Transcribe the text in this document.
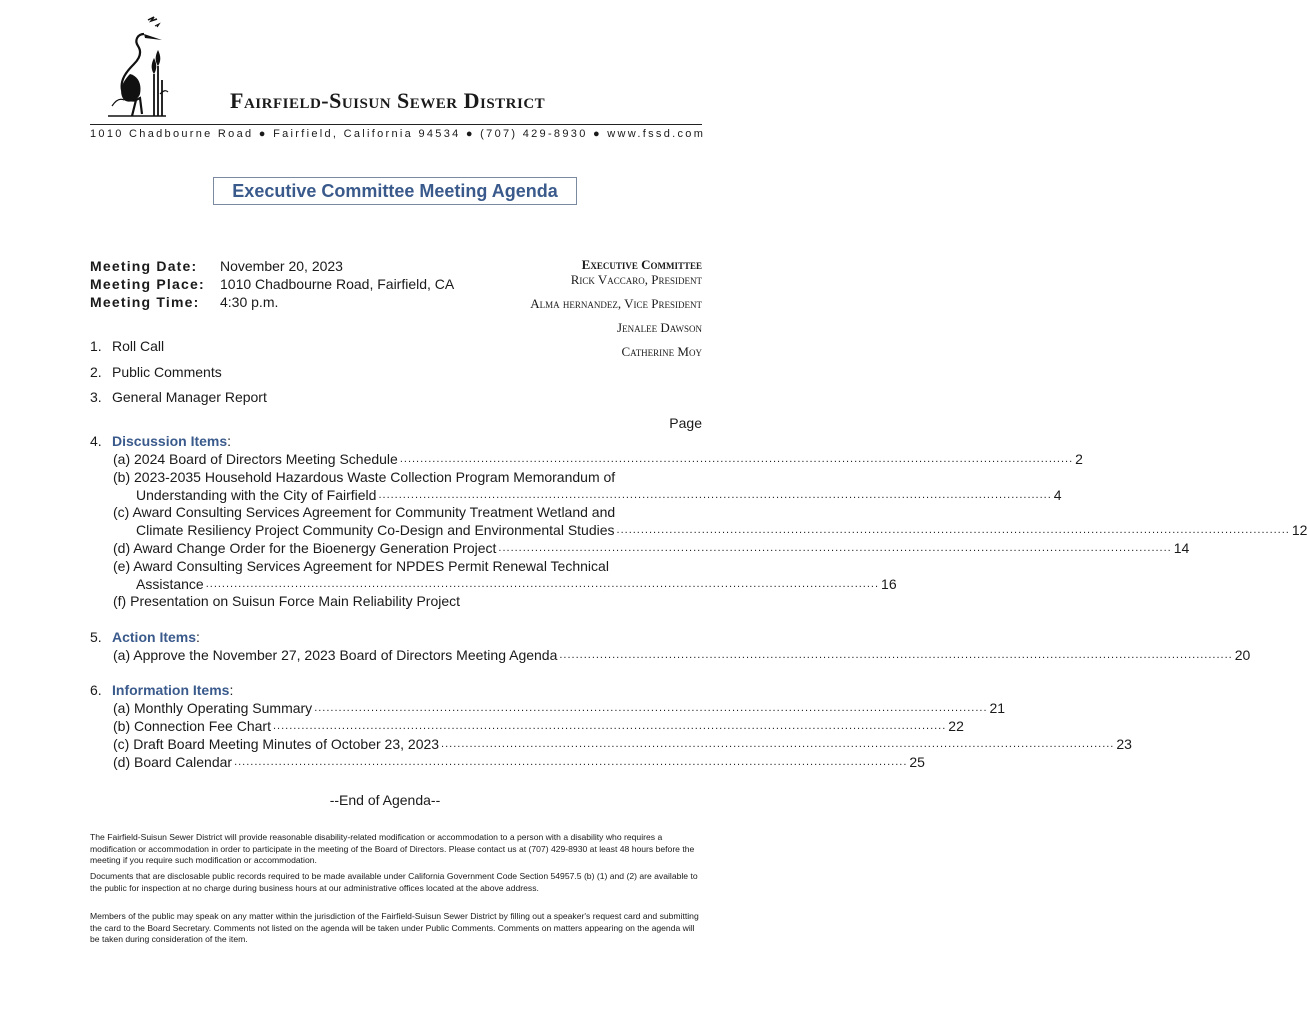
Fairfield-Suisun Sewer District
1010 Chadbourne Road ● Fairfield, California 94534 ● (707) 429-8930 ● www.fssd.com
Executive Committee Meeting Agenda
Meeting Date: November 20, 2023
Meeting Place: 1010 Chadbourne Road, Fairfield, CA
Meeting Time: 4:30 p.m.
Executive Committee
Rick Vaccaro, President
Alma hernandez, Vice President
Jenalee Dawson
Catherine Moy
1. Roll Call
2. Public Comments
3. General Manager Report
Page
4. Discussion Items:
(a) 2024 Board of Directors Meeting Schedule ...................................................................................................................................................................... 2
(b) 2023-2035 Household Hazardous Waste Collection Program Memorandum of
Understanding with the City of Fairfield ...................................................................................................................................................................... 4
(c) Award Consulting Services Agreement for Community Treatment Wetland and
Climate Resiliency Project Community Co-Design and Environmental Studies ...................................................................................................................................................................... 12
(d) Award Change Order for the Bioenergy Generation Project ...................................................................................................................................................................... 14
(e) Award Consulting Services Agreement for NPDES Permit Renewal Technical
Assistance ...................................................................................................................................................................... 16
(f) Presentation on Suisun Force Main Reliability Project
5. Action Items:
(a) Approve the November 27, 2023 Board of Directors Meeting Agenda ...................................................................................................................................................................... 20
6. Information Items:
(a) Monthly Operating Summary ...................................................................................................................................................................... 21
(b) Connection Fee Chart ...................................................................................................................................................................... 22
(c) Draft Board Meeting Minutes of October 23, 2023 ...................................................................................................................................................................... 23
(d) Board Calendar ...................................................................................................................................................................... 25
--End of Agenda--
The Fairfield-Suisun Sewer District will provide reasonable disability-related modification or accommodation to a person with a disability who requires a modification or accommodation in order to participate in the meeting of the Board of Directors. Please contact us at (707) 429-8930 at least 48 hours before the meeting if you require such modification or accommodation.
Documents that are disclosable public records required to be made available under California Government Code Section 54957.5 (b) (1) and (2) are available to the public for inspection at no charge during business hours at our administrative offices located at the above address.
Members of the public may speak on any matter within the jurisdiction of the Fairfield-Suisun Sewer District by filling out a speaker's request card and submitting the card to the Board Secretary. Comments not listed on the agenda will be taken under Public Comments. Comments on matters appearing on the agenda will be taken during consideration of the item.
